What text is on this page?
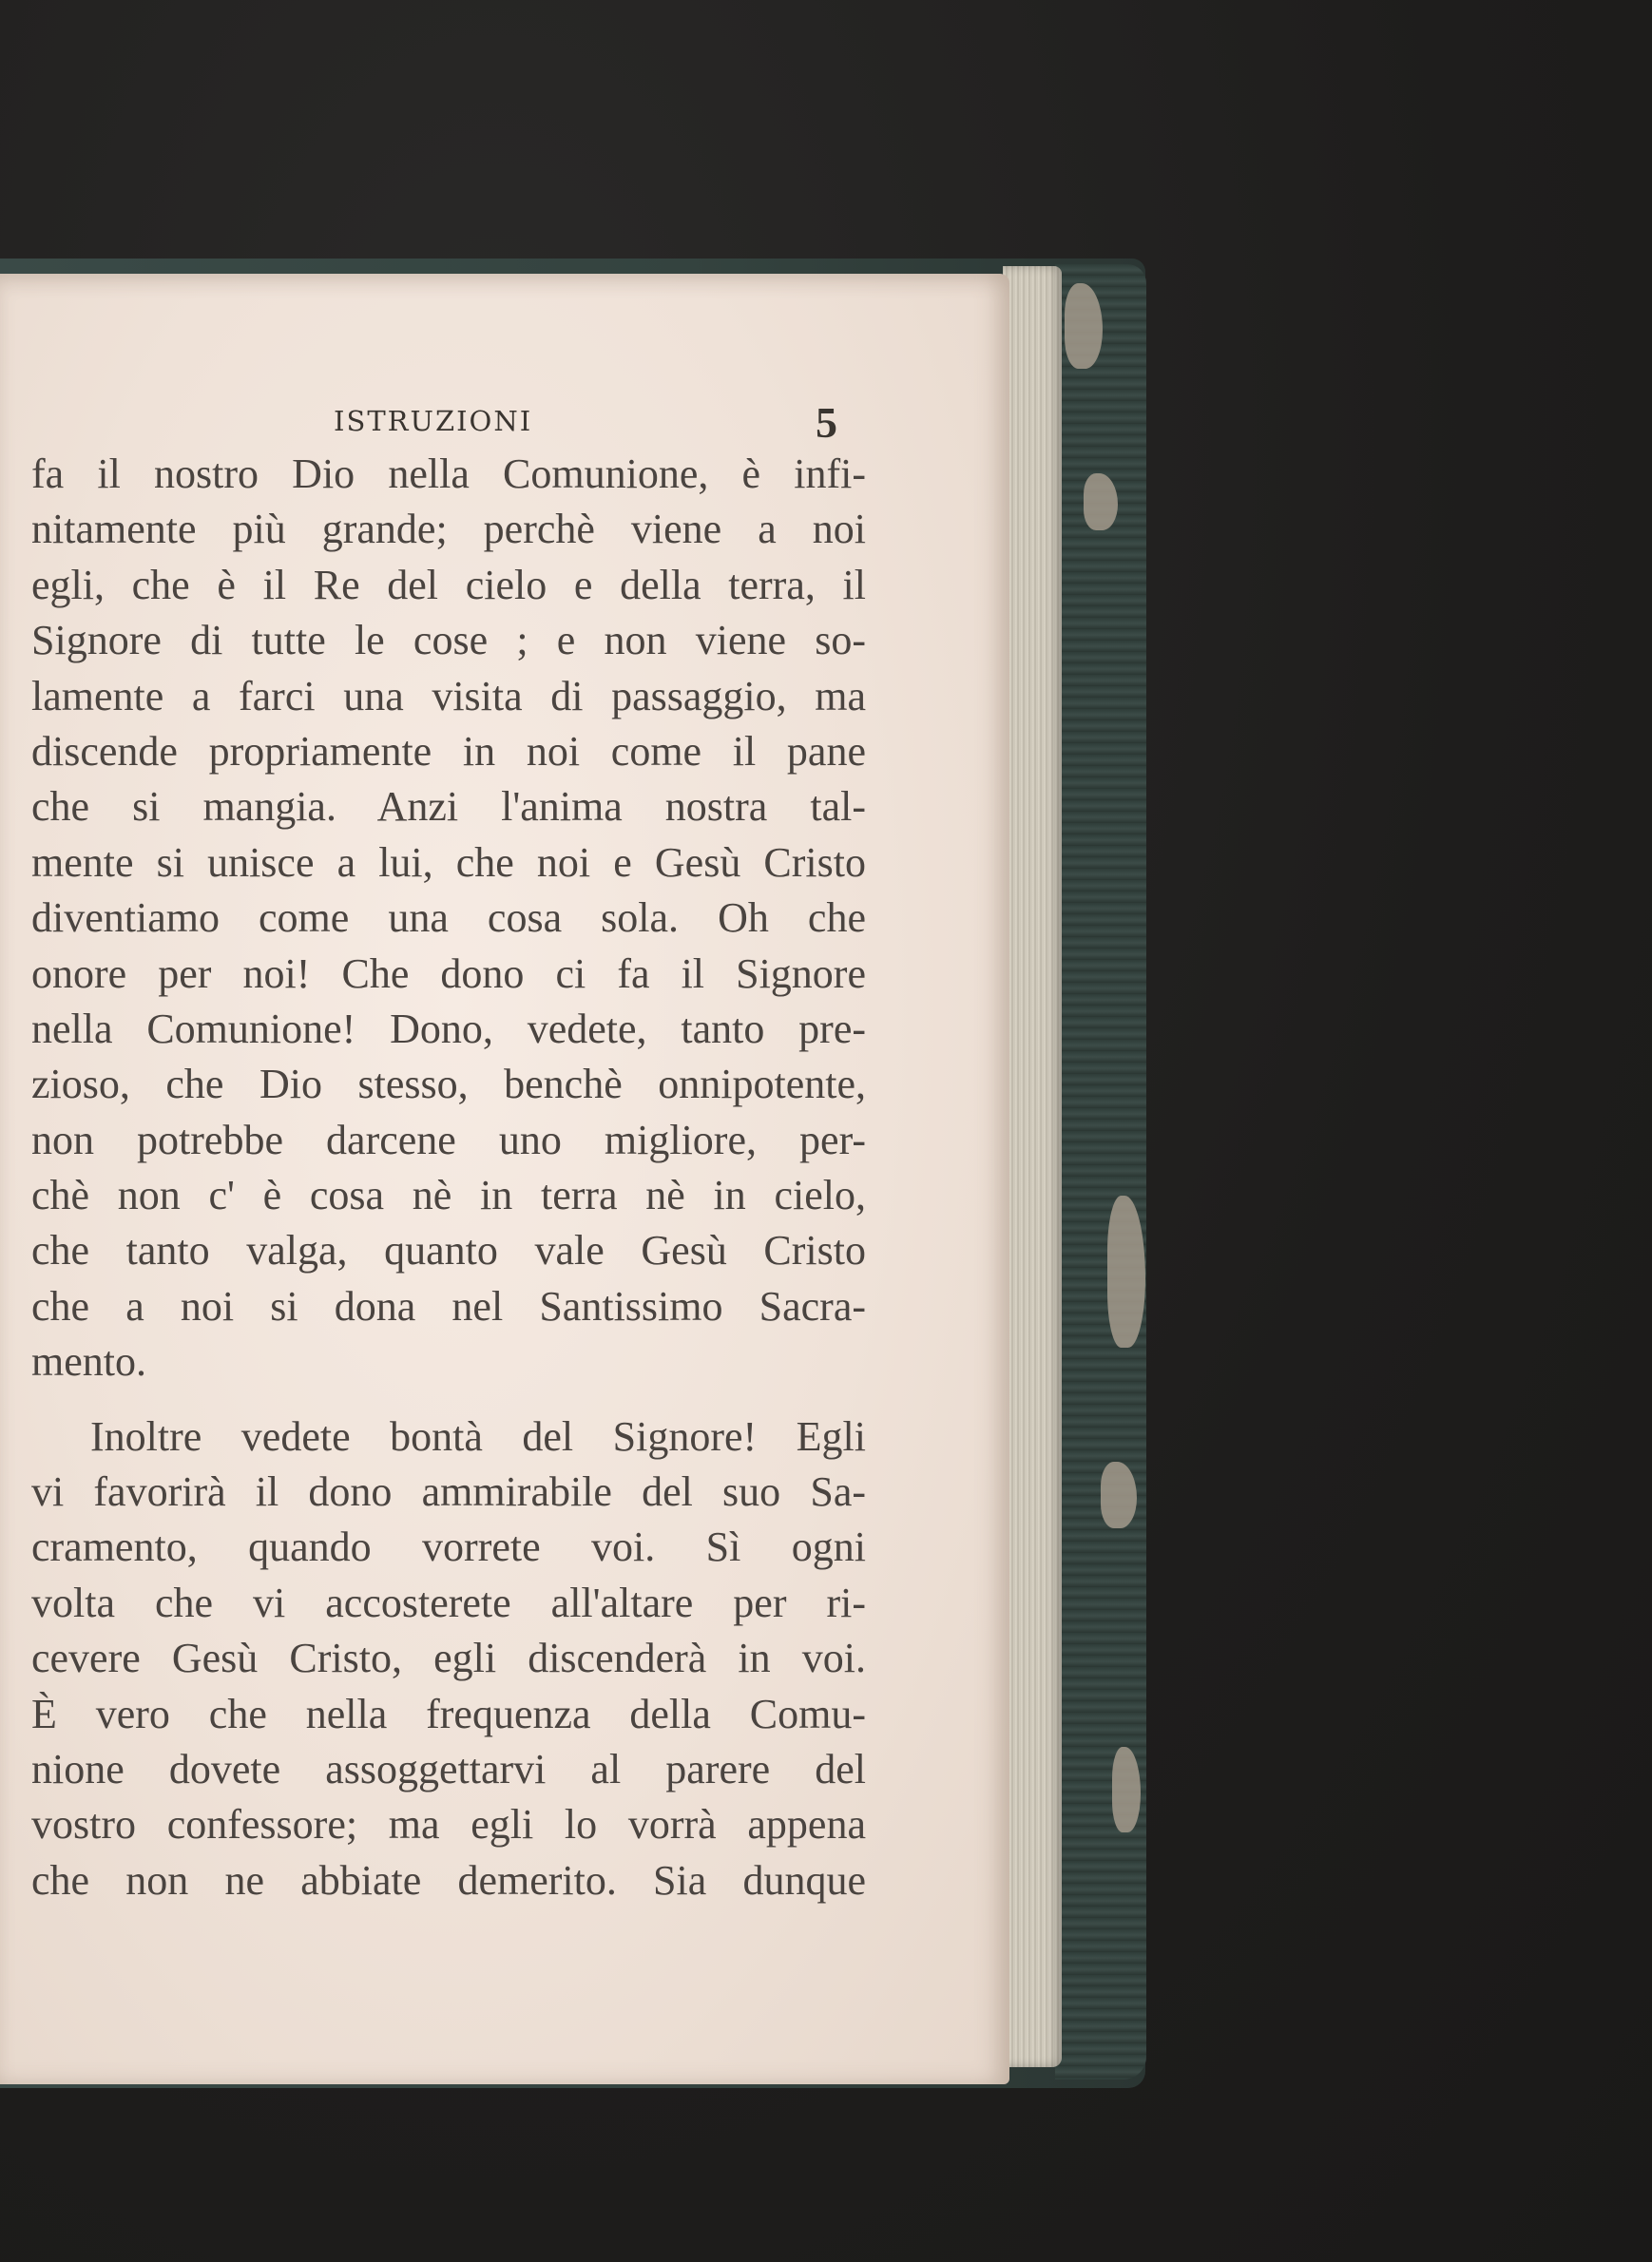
ISTRUZIONI	5
fa il nostro Dio nella Comunione, è infi-
nitamente più grande; perchè viene a noi
egli, che è il Re del cielo e della terra, il
Signore di tutte le cose ; e non viene so-
lamente a farci una visita di passaggio, ma
discende propriamente in noi come il pane
che si mangia. Anzi l'anima nostra tal-
mente si unisce a lui, che noi e Gesù Cristo
diventiamo come una cosa sola. Oh che
onore per noi! Che dono ci fa il Signore
nella Comunione! Dono, vedete, tanto pre-
zioso, che Dio stesso, benchè onnipotente,
non potrebbe darcene uno migliore, per-
chè non c' è cosa nè in terra nè in cielo,
che tanto valga, quanto vale Gesù Cristo
che a noi si dona nel Santissimo Sacra-
mento.
Inoltre vedete bontà del Signore! Egli
vi favorirà il dono ammirabile del suo Sa-
cramento, quando vorrete voi. Sì ogni
volta che vi accosterete all'altare per ri-
cevere Gesù Cristo, egli discenderà in voi.
È vero che nella frequenza della Comu-
nione dovete assoggettarvi al parere del
vostro confessore; ma egli lo vorrà appena
che non ne abbiate demerito. Sia dunque
